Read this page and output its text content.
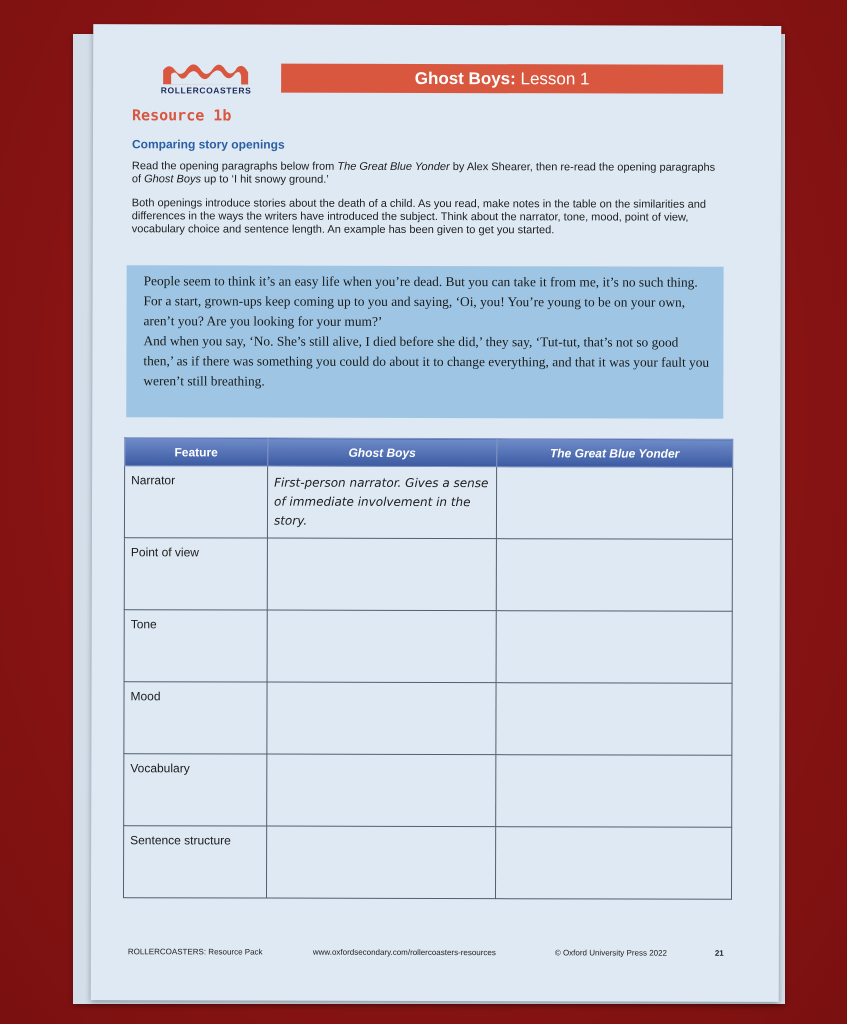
ROLLERCOASTERS
Ghost Boys: Lesson 1
Resource 1b
Comparing story openings
Read the opening paragraphs below from The Great Blue Yonder by Alex Shearer, then re-read the opening paragraphs of Ghost Boys up to ‘I hit snowy ground.’
Both openings introduce stories about the death of a child. As you read, make notes in the table on the similarities and differences in the ways the writers have introduced the subject. Think about the narrator, tone, mood, point of view, vocabulary choice and sentence length. An example has been given to get you started.

People seem to think it’s an easy life when you’re dead. But you can take it from me, it’s no such thing.

For a start, grown-ups keep coming up to you and saying, ‘Oi, you! You’re young to be on your own, aren’t you? Are you looking for your mum?’

And when you say, ‘No. She’s still alive, I died before she did,’ they say, ‘Tut-tut, that’s not so good then,’ as if there was something you could do about it to change everything, and that it was your fault you weren’t still breathing.

Feature	Ghost Boys	The Great Blue Yonder
Narrator	First-person narrator. Gives a sense of immediate involvement in the story.	
Point of view		
Tone		
Mood		
Vocabulary		
Sentence structure		
ROLLERCOASTERS: Resource Pack	www.oxfordsecondary.com/rollercoasters-resources	© Oxford University Press 2022	21
